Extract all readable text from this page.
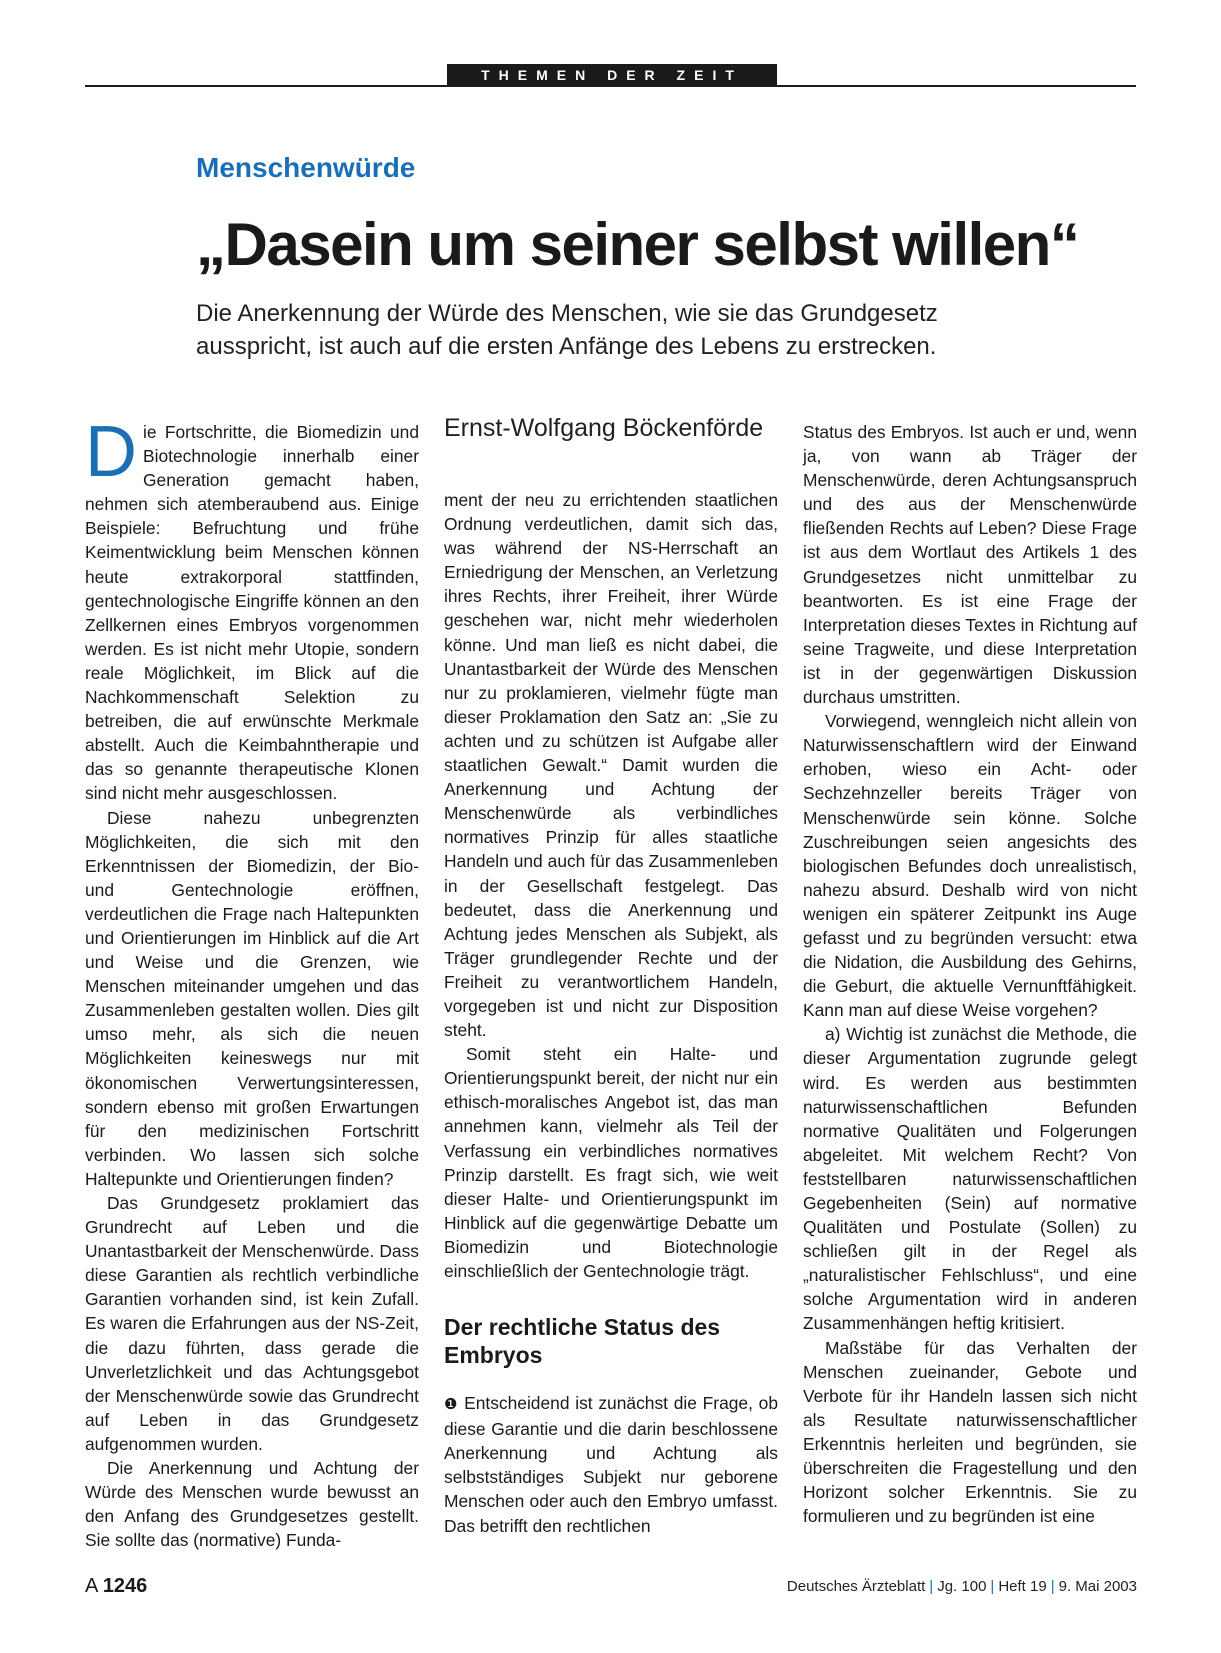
THEMEN DER ZEIT
Menschenwürde
„Dasein um seiner selbst willen“
Die Anerkennung der Würde des Menschen, wie sie das Grundgesetz ausspricht, ist auch auf die ersten Anfänge des Lebens zu erstrecken.

Die Fortschritte, die Biomedizin und Biotechnologie innerhalb einer Generation gemacht haben, nehmen sich atemberaubend aus. Einige Beispiele: Befruchtung und frühe Keimentwicklung beim Menschen können heute extrakorporal stattfinden, gentechnologische Eingriffe können an den Zellkernen eines Embryos vorgenommen werden. Es ist nicht mehr Utopie, sondern reale Möglichkeit, im Blick auf die Nachkommenschaft Selektion zu betreiben, die auf erwünschte Merkmale abstellt. Auch die Keimbahntherapie und das so genannte therapeutische Klonen sind nicht mehr ausgeschlossen.

Diese nahezu unbegrenzten Möglichkeiten, die sich mit den Erkenntnissen der Biomedizin, der Bio- und Gentechnologie eröffnen, verdeutlichen die Frage nach Haltepunkten und Orientierungen im Hinblick auf die Art und Weise und die Grenzen, wie Menschen miteinander umgehen und das Zusammenleben gestalten wollen. Dies gilt umso mehr, als sich die neuen Möglichkeiten keineswegs nur mit ökonomischen Verwertungsinteressen, sondern ebenso mit großen Erwartungen für den medizinischen Fortschritt verbinden. Wo lassen sich solche Haltepunkte und Orientierungen finden?

Das Grundgesetz proklamiert das Grundrecht auf Leben und die Unantastbarkeit der Menschenwürde. Dass diese Garantien als rechtlich verbindliche Garantien vorhanden sind, ist kein Zufall. Es waren die Erfahrungen aus der NS-Zeit, die dazu führten, dass gerade die Unverletzlichkeit und das Achtungsgebot der Menschenwürde sowie das Grundrecht auf Leben in das Grundgesetz aufgenommen wurden.

Die Anerkennung und Achtung der Würde des Menschen wurde bewusst an den Anfang des Grundgesetzes gestellt. Sie sollte das (normative) Funda-

Ernst-Wolfgang Böckenförde

ment der neu zu errichtenden staatlichen Ordnung verdeutlichen, damit sich das, was während der NS-Herrschaft an Erniedrigung der Menschen, an Verletzung ihres Rechts, ihrer Freiheit, ihrer Würde geschehen war, nicht mehr wiederholen könne. Und man ließ es nicht dabei, die Unantastbarkeit der Würde des Menschen nur zu proklamieren, vielmehr fügte man dieser Proklamation den Satz an: „Sie zu achten und zu schützen ist Aufgabe aller staatlichen Gewalt.“ Damit wurden die Anerkennung und Achtung der Menschenwürde als verbindliches normatives Prinzip für alles staatliche Handeln und auch für das Zusammenleben in der Gesellschaft festgelegt. Das bedeutet, dass die Anerkennung und Achtung jedes Menschen als Subjekt, als Träger grundlegender Rechte und der Freiheit zu verantwortlichem Handeln, vorgegeben ist und nicht zur Disposition steht.

Somit steht ein Halte- und Orientierungspunkt bereit, der nicht nur ein ethisch-moralisches Angebot ist, das man annehmen kann, vielmehr als Teil der Verfassung ein verbindliches normatives Prinzip darstellt. Es fragt sich, wie weit dieser Halte- und Orientierungspunkt im Hinblick auf die gegenwärtige Debatte um Biomedizin und Biotechnologie einschließlich der Gentechnologie trägt.

Der rechtliche Status des Embryos

❶ Entscheidend ist zunächst die Frage, ob diese Garantie und die darin beschlossene Anerkennung und Achtung als selbstständiges Subjekt nur geborene Menschen oder auch den Embryo umfasst. Das betrifft den rechtlichen

Status des Embryos. Ist auch er und, wenn ja, von wann ab Träger der Menschenwürde, deren Achtungsanspruch und des aus der Menschenwürde fließenden Rechts auf Leben? Diese Frage ist aus dem Wortlaut des Artikels 1 des Grundgesetzes nicht unmittelbar zu beantworten. Es ist eine Frage der Interpretation dieses Textes in Richtung auf seine Tragweite, und diese Interpretation ist in der gegenwärtigen Diskussion durchaus umstritten.

Vorwiegend, wenngleich nicht allein von Naturwissenschaftlern wird der Einwand erhoben, wieso ein Acht- oder Sechzehnzeller bereits Träger von Menschenwürde sein könne. Solche Zuschreibungen seien angesichts des biologischen Befundes doch unrealistisch, nahezu absurd. Deshalb wird von nicht wenigen ein späterer Zeitpunkt ins Auge gefasst und zu begründen versucht: etwa die Nidation, die Ausbildung des Gehirns, die Geburt, die aktuelle Vernunftfähigkeit. Kann man auf diese Weise vorgehen?

a) Wichtig ist zunächst die Methode, die dieser Argumentation zugrunde gelegt wird. Es werden aus bestimmten naturwissenschaftlichen Befunden normative Qualitäten und Folgerungen abgeleitet. Mit welchem Recht? Von feststellbaren naturwissenschaftlichen Gegebenheiten (Sein) auf normative Qualitäten und Postulate (Sollen) zu schließen gilt in der Regel als „naturalistischer Fehlschluss“, und eine solche Argumentation wird in anderen Zusammenhängen heftig kritisiert.

Maßstäbe für das Verhalten der Menschen zueinander, Gebote und Verbote für ihr Handeln lassen sich nicht als Resultate naturwissenschaftlicher Erkenntnis herleiten und begründen, sie überschreiten die Fragestellung und den Horizont solcher Erkenntnis. Sie zu formulieren und zu begründen ist eine

A 1246	Deutsches Ärzteblatt | Jg. 100 | Heft 19 | 9. Mai 2003
